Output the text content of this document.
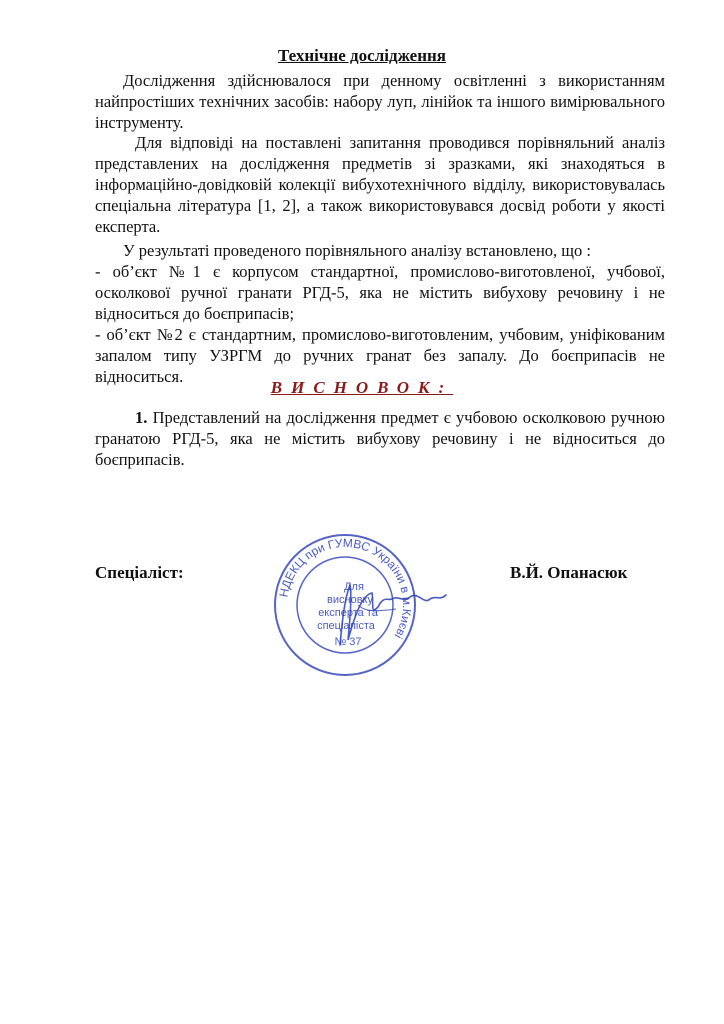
Технічне дослідження

Дослідження здійснювалося при денному освітленні з використанням найпростіших технічних засобів: набору луп, лінійок та іншого вимірювального інструменту.

Для відповіді на поставлені запитання проводився порівняльний аналіз представлених на дослідження предметів зі зразками, які знаходяться в інформаційно-довідковій колекції вибухотехнічного відділу, використовувалась спеціальна література [1, 2], а також використовувався досвід роботи у якості експерта.

У результаті проведеного порівняльного аналізу встановлено, що :

- об’єкт №1 є корпусом стандартної, промислово-виготовленої, учбової, осколкової ручної гранати РГД-5, яка не містить вибухову речовину і не відноситься до боєприпасів;

- об’єкт №2 є стандартним, промислово-виготовленим, учбовим, уніфікованим запалом типу УЗРГМ до ручних гранат без запалу. До боєприпасів не відноситься.

ВИСНОВОК:

1. Представлений на дослідження предмет є учбовою осколковою ручною гранатою РГД-5, яка не містить вибухову речовину і не відноситься до боєприпасів.

Спеціаліст:	В.Й. Опанасюк
НДЕКЦ при ГУМВС України в м.Києві
Для
висновку
експерта та
спеціаліста
№ 37
